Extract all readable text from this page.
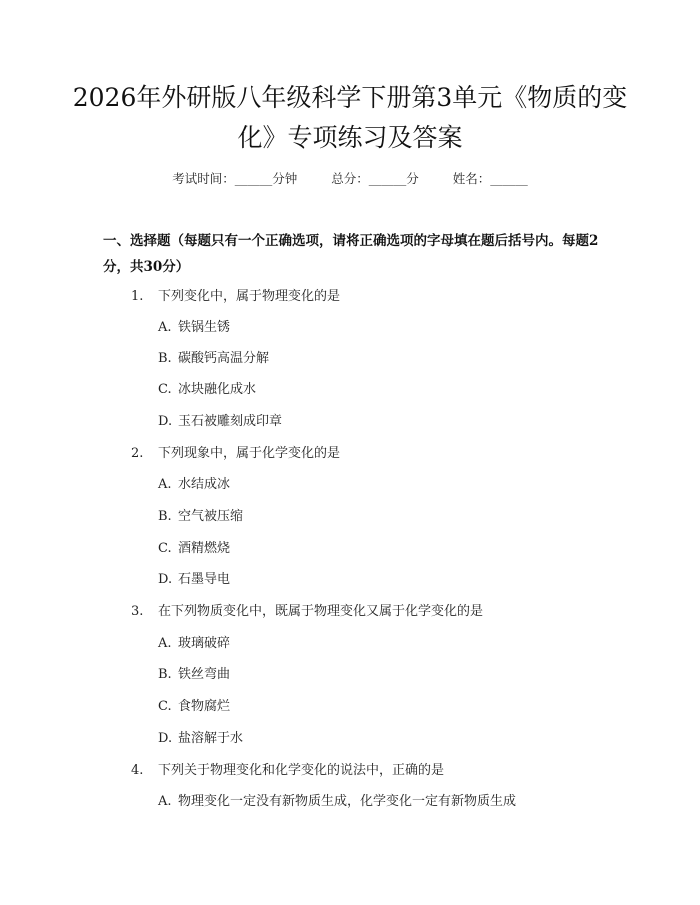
2026年外研版八年级科学下册第3单元《物质的变化》专项练习及答案
考试时间：______分钟	总分：______分	姓名：______
一、选择题（每题只有一个正确选项，请将正确选项的字母填在题后括号内。每题2分，共30分）
1. 下列变化中，属于物理变化的是
A. 铁锅生锈
B. 碳酸钙高温分解
C. 冰块融化成水
D. 玉石被雕刻成印章
2. 下列现象中，属于化学变化的是
A. 水结成冰
B. 空气被压缩
C. 酒精燃烧
D. 石墨导电
3. 在下列物质变化中，既属于物理变化又属于化学变化的是
A. 玻璃破碎
B. 铁丝弯曲
C. 食物腐烂
D. 盐溶解于水
4. 下列关于物理变化和化学变化的说法中，正确的是
A. 物理变化一定没有新物质生成，化学变化一定有新物质生成
